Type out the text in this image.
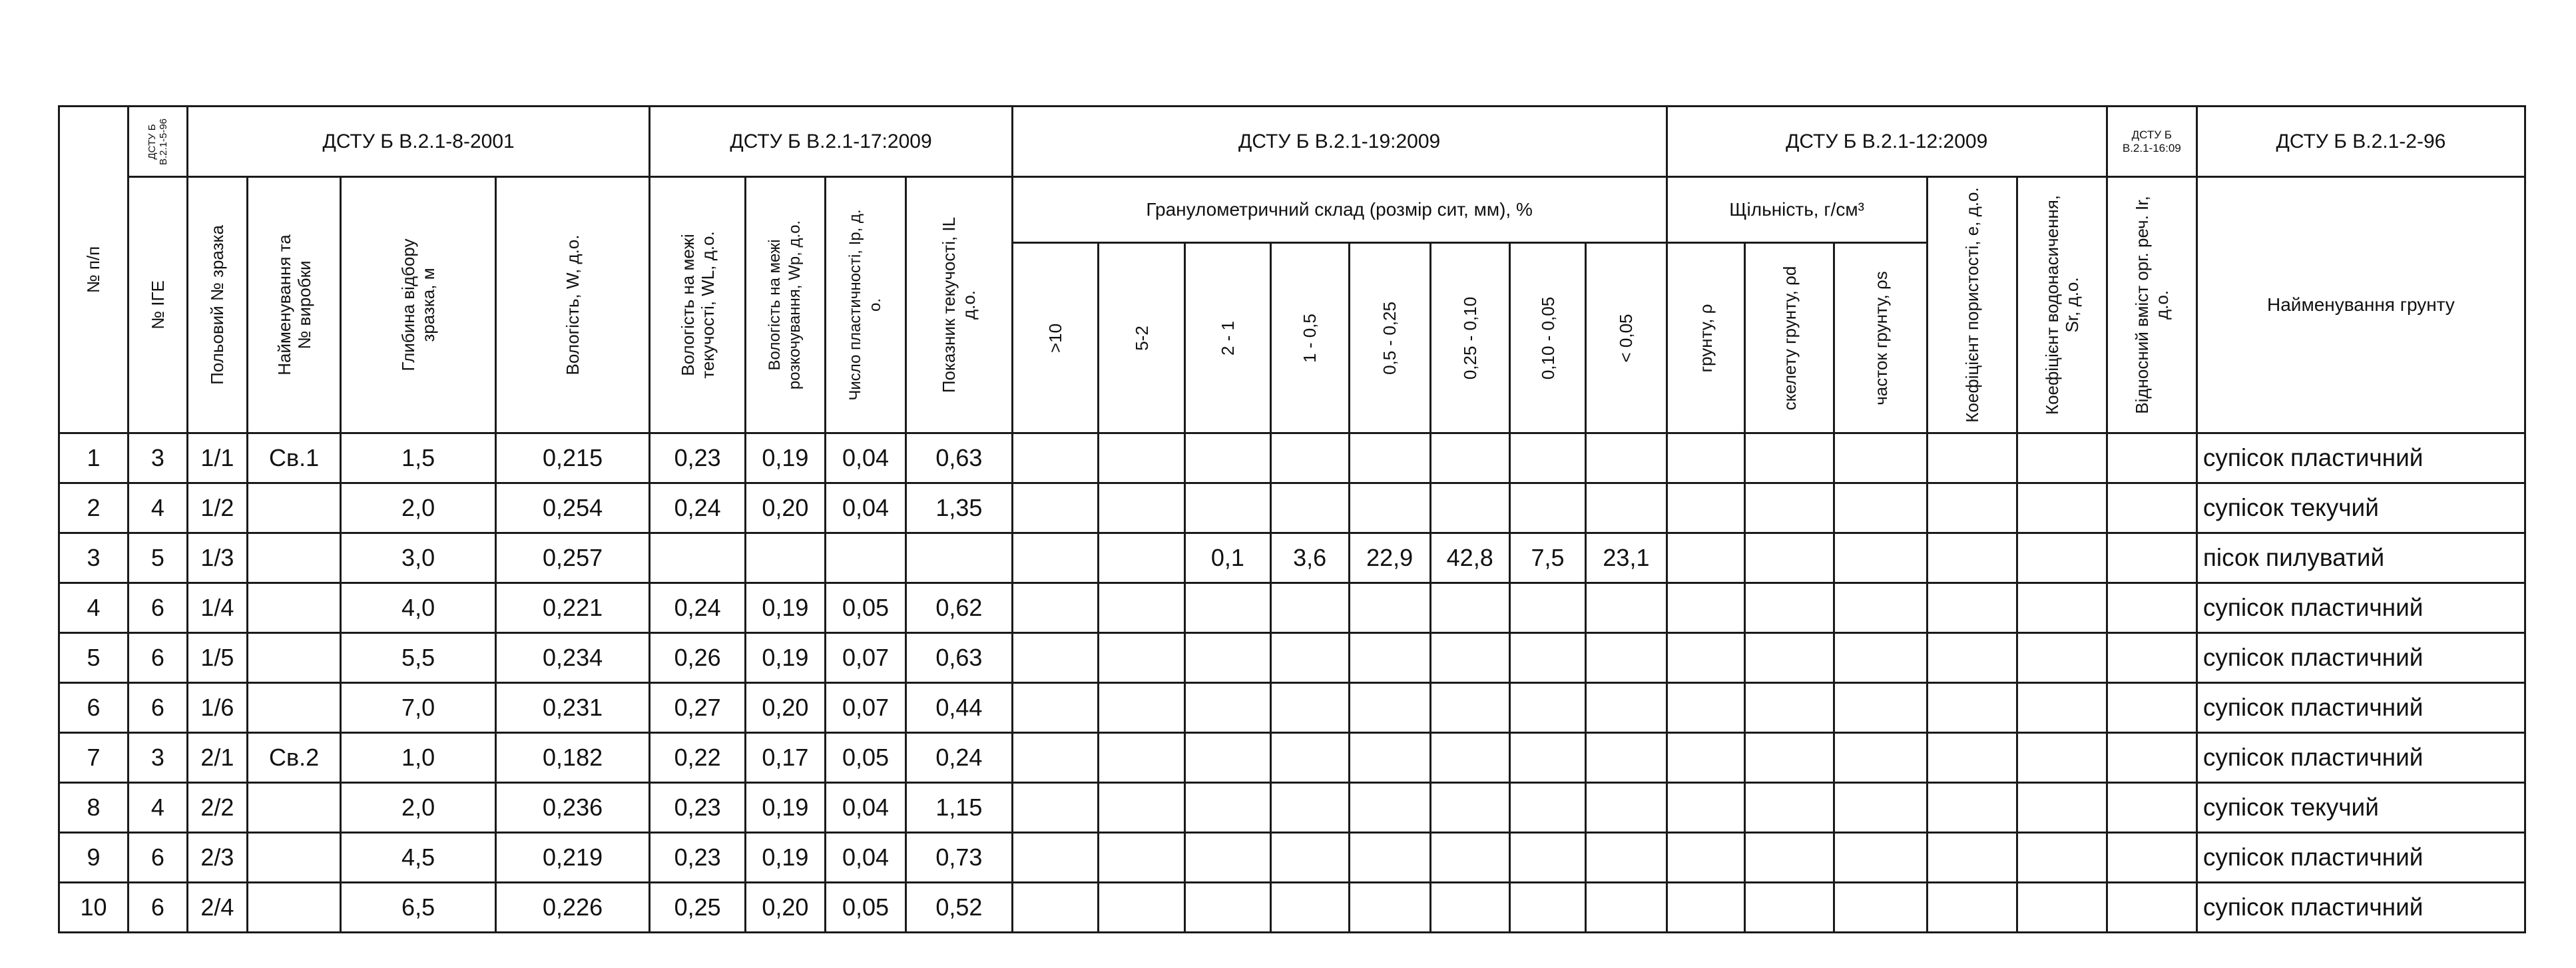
№ п/п	ДСТУ Б В.2.1-5-96	ДСТУ Б В.2.1-8-2001				ДСТУ Б В.2.1-17:2009				ДСТУ Б В.2.1-19:2009								ДСТУ Б В.2.1-12:2009					ДСТУ Б В.2.1-16:09	ДСТУ Б В.2.1-2-96

	№ ІГЕ	Польовий № зразка	Найменування та № виробки	Глибина відбору зразка, м	Вологість, W, д.о.	Вологість на межі текучості, WL, д.о.	Вологість на межі розкочування, Wp, д.о.	Число пластичності, Ip, д. о.	Показник текучості, IL д.о.	Гранулометричний склад (розмір сит, мм), %								Щільність, г/см³			Коефіцієнт пористості, e, д.о.	Коефіцієнт водонасичення, Sr, д.о.	Відносний вміст орг. реч. Ir, д.о.	Найменування грунту

										>10	5-2	2 - 1	1 - 0,5	0,5 - 0,25	0,25 - 0,10	0,10 - 0,05	< 0,05	грунту, ρ	скелету грунту, ρd	часток грунту, ρs				

1	3	1/1	Св.1	1,5	0,215	0,23	0,19	0,04	0,63															супісок пластичний
2	4	1/2		2,0	0,254	0,24	0,20	0,04	1,35															супісок текучий
3	5	1/3		3,0	0,257							0,1	3,6	22,9	42,8	7,5	23,1							пісок пилуватий
4	6	1/4		4,0	0,221	0,24	0,19	0,05	0,62															супісок пластичний
5	6	1/5		5,5	0,234	0,26	0,19	0,07	0,63															супісок пластичний
6	6	1/6		7,0	0,231	0,27	0,20	0,07	0,44															супісок пластичний
7	3	2/1	Св.2	1,0	0,182	0,22	0,17	0,05	0,24															супісок пластичний
8	4	2/2		2,0	0,236	0,23	0,19	0,04	1,15															супісок текучий
9	6	2/3		4,5	0,219	0,23	0,19	0,04	0,73															супісок пластичний
10	6	2/4		6,5	0,226	0,25	0,20	0,05	0,52															супісок пластичний
